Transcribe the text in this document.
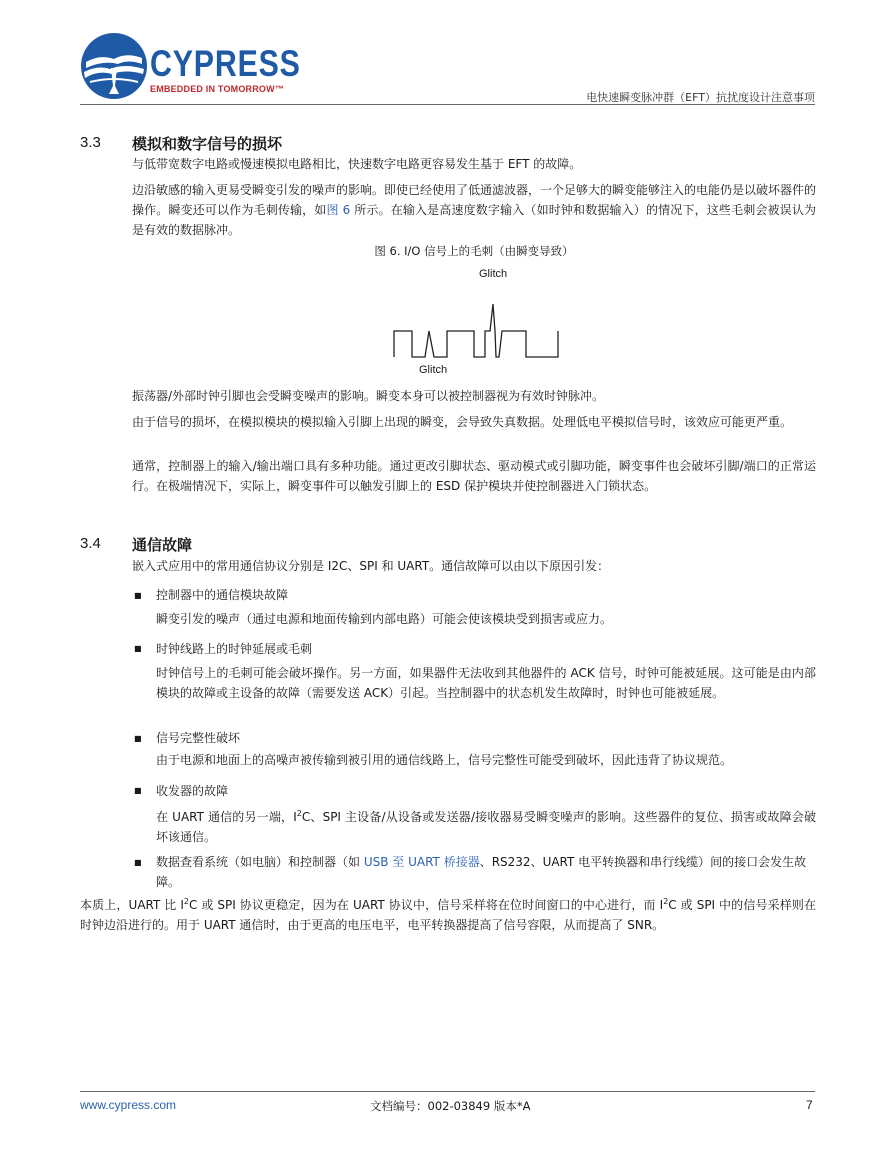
CYPRESS
EMBEDDED IN TOMORROW™
电快速瞬变脉冲群（EFT）抗扰度设计注意事项
3.3 模拟和数字信号的损坏
与低带宽数字电路或慢速模拟电路相比，快速数字电路更容易发生基于 EFT 的故障。
边沿敏感的输入更易受瞬变引发的噪声的影响。即使已经使用了低通滤波器，一个足够大的瞬变能够注入的电能仍是以破坏器件的操作。瞬变还可以作为毛刺传输，如图 6 所示。在输入是高速度数字输入（如时钟和数据输入）的情况下，这些毛刺会被误认为是有效的数据脉冲。
图 6. I/O 信号上的毛刺（由瞬变导致）
Glitch
Glitch
振荡器/外部时钟引脚也会受瞬变噪声的影响。瞬变本身可以被控制器视为有效时钟脉冲。
由于信号的损坏，在模拟模块的模拟输入引脚上出现的瞬变，会导致失真数据。处理低电平模拟信号时，该效应可能更严重。
通常，控制器上的输入/输出端口具有多种功能。通过更改引脚状态、驱动模式或引脚功能，瞬变事件也会破坏引脚/端口的正常运行。在极端情况下，实际上，瞬变事件可以触发引脚上的 ESD 保护模块并使控制器进入门锁状态。
3.4 通信故障
嵌入式应用中的常用通信协议分别是 I2C、SPI 和 UART。通信故障可以由以下原因引发：
■ 控制器中的通信模块故障
瞬变引发的噪声（通过电源和地面传输到内部电路）可能会使该模块受到损害或应力。
■ 时钟线路上的时钟延展或毛刺
时钟信号上的毛刺可能会破坏操作。另一方面，如果器件无法收到其他器件的 ACK 信号，时钟可能被延展。这可能是由内部模块的故障或主设备的故障（需要发送 ACK）引起。当控制器中的状态机发生故障时，时钟也可能被延展。
■ 信号完整性破坏
由于电源和地面上的高噪声被传输到被引用的通信线路上，信号完整性可能受到破坏，因此违背了协议规范。
■ 收发器的故障
在 UART 通信的另一端，$I^2C$、SPI 主设备/从设备或发送器/接收器易受瞬变噪声的影响。这些器件的复位、损害或故障会破坏该通信。
■ 数据查看系统（如电脑）和控制器（如 USB 至 UART 桥接器、RS232、UART 电平转换器和串行线缆）间的接口会发生故障。
本质上，UART 比 $I^2C$ 或 SPI 协议更稳定，因为在 UART 协议中，信号采样将在位时间窗口的中心进行，而 $I^2C$ 或 SPI 中的信号采样则在时钟边沿进行的。用于 UART 通信时，由于更高的电压电平，电平转换器提高了信号容限，从而提高了 SNR。
www.cypress.com	文档编号：002-03849 版本*A	7
